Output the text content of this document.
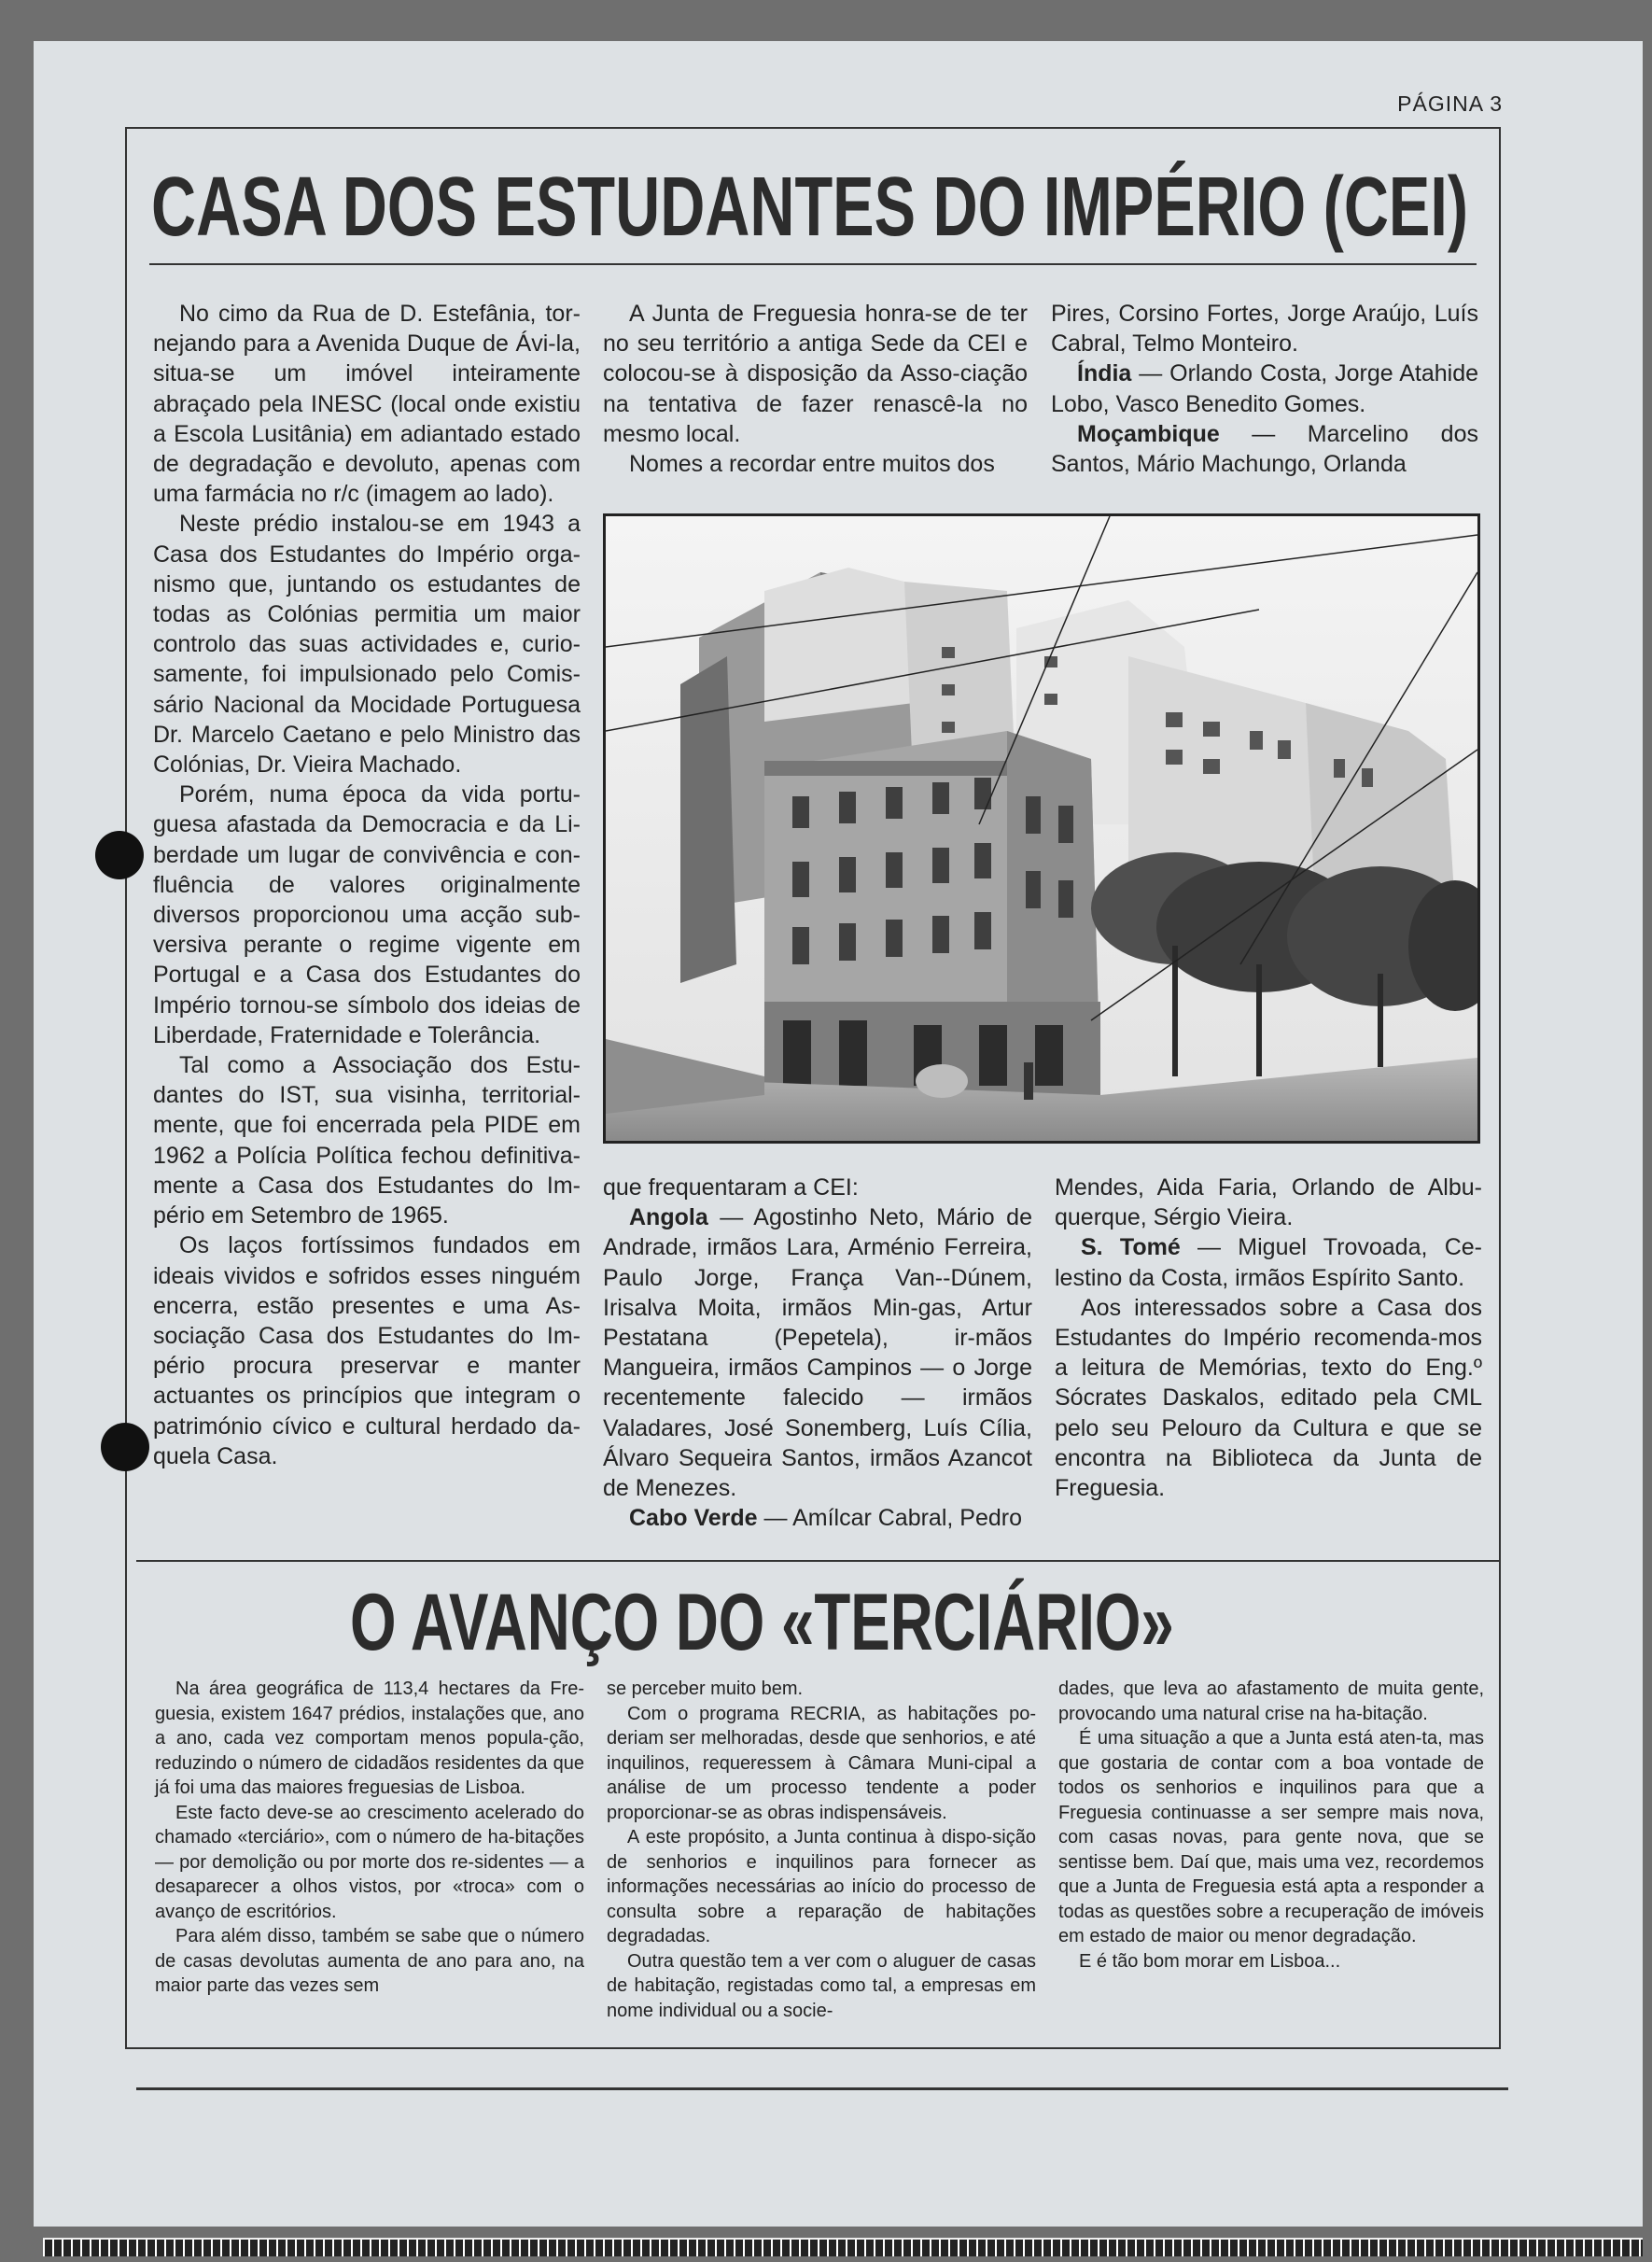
PÁGINA 3
CASA DOS ESTUDANTES DO IMPÉRIO (CEI)

No cimo da Rua de D. Estefânia, tor-nejando para a Avenida Duque de Ávi-la, situa-se um imóvel inteiramente abraçado pela INESC (local onde existiu a Escola Lusitânia) em adiantado estado de degradação e devoluto, apenas com uma farmácia no r/c (imagem ao lado).

Neste prédio instalou-se em 1943 a Casa dos Estudantes do Império orga-nismo que, juntando os estudantes de todas as Colónias permitia um maior controlo das suas actividades e, curio-samente, foi impulsionado pelo Comis-sário Nacional da Mocidade Portuguesa Dr. Marcelo Caetano e pelo Ministro das Colónias, Dr. Vieira Machado.

Porém, numa época da vida portu-guesa afastada da Democracia e da Li-berdade um lugar de convivência e con-fluência de valores originalmente diversos proporcionou uma acção sub-versiva perante o regime vigente em Portugal e a Casa dos Estudantes do Império tornou-se símbolo dos ideias de Liberdade, Fraternidade e Tolerância.

Tal como a Associação dos Estu-dantes do IST, sua visinha, territorial-mente, que foi encerrada pela PIDE em 1962 a Polícia Política fechou definitiva-mente a Casa dos Estudantes do Im-pério em Setembro de 1965.

Os laços fortíssimos fundados em ideais vividos e sofridos esses ninguém encerra, estão presentes e uma As-sociação Casa dos Estudantes do Im-pério procura preservar e manter actuantes os princípios que integram o património cívico e cultural herdado da-quela Casa.

A Junta de Freguesia honra-se de ter no seu território a antiga Sede da CEI e colocou-se à disposição da Asso-ciação na tentativa de fazer renascê-la no mesmo local.

Nomes a recordar entre muitos dos

Pires, Corsino Fortes, Jorge Araújo, Luís Cabral, Telmo Monteiro.

Índia — Orlando Costa, Jorge Atahide Lobo, Vasco Benedito Gomes.

Moçambique — Marcelino dos Santos, Mário Machungo, Orlanda

que frequentaram a CEI:

Angola — Agostinho Neto, Mário de Andrade, irmãos Lara, Arménio Ferreira, Paulo Jorge, França Van-‑Dúnem, Irisalva Moita, irmãos Min-gas, Artur Pestatana (Pepetela), ir-mãos Mangueira, irmãos Campinos — o Jorge recentemente falecido — irmãos Valadares, José Sonemberg, Luís Cília, Álvaro Sequeira Santos, irmãos Azancot de Menezes.

Cabo Verde — Amílcar Cabral, Pedro

Mendes, Aida Faria, Orlando de Albu-querque, Sérgio Vieira.

S. Tomé — Miguel Trovoada, Ce-lestino da Costa, irmãos Espírito Santo.

Aos interessados sobre a Casa dos Estudantes do Império recomenda-mos a leitura de Memórias, texto do Eng.º Sócrates Daskalos, editado pela CML pelo seu Pelouro da Cultura e que se encontra na Biblioteca da Junta de Freguesia.

O AVANÇO DO «TERCIÁRIO»

Na área geográfica de 113,4 hectares da Fre-guesia, existem 1647 prédios, instalações que, ano a ano, cada vez comportam menos popula-ção, reduzindo o número de cidadãos residentes da que já foi uma das maiores freguesias de Lisboa.

Este facto deve-se ao crescimento acelerado do chamado «terciário», com o número de ha-bitações — por demolição ou por morte dos re-sidentes — a desaparecer a olhos vistos, por «troca» com o avanço de escritórios.

Para além disso, também se sabe que o número de casas devolutas aumenta de ano para ano, na maior parte das vezes sem

se perceber muito bem.

Com o programa RECRIA, as habitações po-deriam ser melhoradas, desde que senhorios, e até inquilinos, requeressem à Câmara Muni-cipal a análise de um processo tendente a poder proporcionar-se as obras indispensáveis.

A este propósito, a Junta continua à dispo-sição de senhorios e inquilinos para fornecer as informações necessárias ao início do processo de consulta sobre a reparação de habitações degradadas.

Outra questão tem a ver com o aluguer de casas de habitação, registadas como tal, a empresas em nome individual ou a socie-

dades, que leva ao afastamento de muita gente, provocando uma natural crise na ha-bitação.

É uma situação a que a Junta está aten-ta, mas que gostaria de contar com a boa vontade de todos os senhorios e inquilinos para que a Freguesia continuasse a ser sempre mais nova, com casas novas, para gente nova, que se sentisse bem. Daí que, mais uma vez, recordemos que a Junta de Freguesia está apta a responder a todas as questões sobre a recuperação de imóveis em estado de maior ou menor degradação.

E é tão bom morar em Lisboa...
